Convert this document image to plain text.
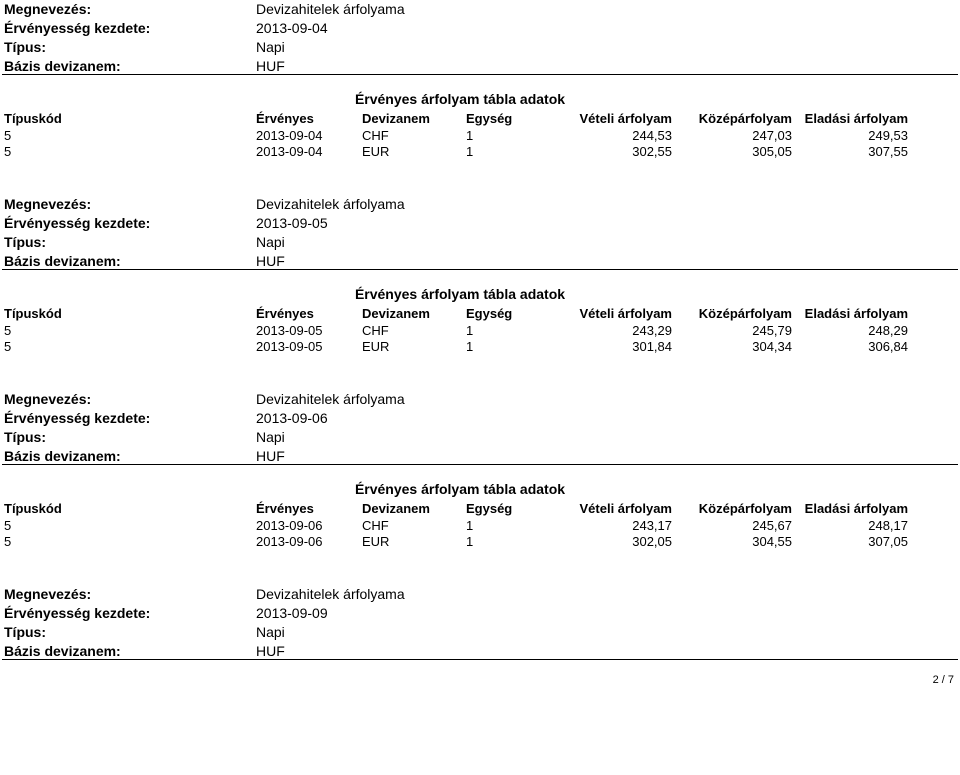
Megnevezés:	Devizahitelek árfolyama
Érvényesség kezdete:	2013-09-04
Típus:	Napi
Bázis devizanem:	HUF
Érvényes árfolyam tábla adatok
Típuskód	Érvényes	Devizanem	Egység	Vételi árfolyam Középárfolyam Eladási árfolyam
5	2013-09-04	CHF	1	244,53	247,03	249,53
5	2013-09-04	EUR	1	302,55	305,05	307,55
Megnevezés:	Devizahitelek árfolyama
Érvényesség kezdete:	2013-09-05
Típus:	Napi
Bázis devizanem:	HUF
Érvényes árfolyam tábla adatok
Típuskód	Érvényes	Devizanem	Egység	Vételi árfolyam Középárfolyam Eladási árfolyam
5	2013-09-05	CHF	1	243,29	245,79	248,29
5	2013-09-05	EUR	1	301,84	304,34	306,84
Megnevezés:	Devizahitelek árfolyama
Érvényesség kezdete:	2013-09-06
Típus:	Napi
Bázis devizanem:	HUF
Érvényes árfolyam tábla adatok
Típuskód	Érvényes	Devizanem	Egység	Vételi árfolyam Középárfolyam Eladási árfolyam
5	2013-09-06	CHF	1	243,17	245,67	248,17
5	2013-09-06	EUR	1	302,05	304,55	307,05
Megnevezés:	Devizahitelek árfolyama
Érvényesség kezdete:	2013-09-09
Típus:	Napi
Bázis devizanem:	HUF
2 / 7
